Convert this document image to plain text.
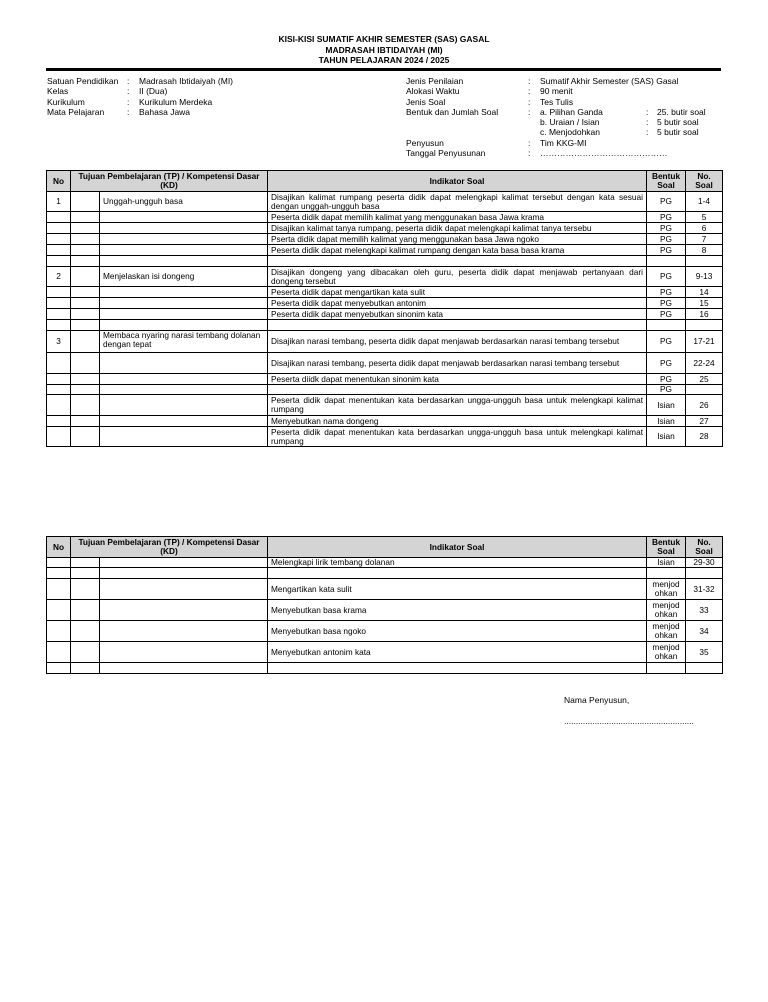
KISI-KISI SUMATIF AKHIR SEMESTER (SAS) GASAL
MADRASAH IBTIDAIYAH (MI)
TAHUN PELAJARAN 2024 / 2025
Satuan Pendidikan	:	Madrasah Ibtidaiyah (MI)
Kelas	:	II (Dua)
Kurikulum	:	Kurikulum Merdeka
Mata Pelajaran	:	Bahasa Jawa
Jenis Penilaian	:	Sumatif Akhir Semester (SAS) Gasal
Alokasi Waktu	:	90 menit
Jenis Soal	:	Tes Tulis
Bentuk dan Jumlah Soal	:	a. Pilihan Ganda	:	25. butir soal
b. Uraian / Isian	:	5 butir soal
c. Menjodohkan	:	5 butir soal
Penyusun	:	Tim KKG-MI
Tanggal Penyusunan	:	………………………………………
No	Tujuan Pembelajaran (TP) / Kompetensi Dasar (KD)		Indikator Soal	Bentuk Soal	No. Soal
1		Unggah-ungguh basa	Disajikan kalimat rumpang peserta didik dapat melengkapi kalimat tersebut dengan kata sesuai dengan unggah-ungguh basa	PG	1-4
			Peserta didik dapat memilih kalimat yang menggunakan basa Jawa krama	PG	5
			Disajikan kalimat tanya rumpang, peserta didik dapat melengkapi kalimat tanya tersebu	PG	6
			Pserta didik dapat memilih kalimat yang menggunakan basa Jawa ngoko	PG	7
			Peserta didik dapat melengkapi kalimat rumpang dengan kata basa basa krama	PG	8

2		Menjelaskan isi dongeng	Disajikan dongeng yang dibacakan oleh guru, peserta didik dapat menjawab pertanyaan dari dongeng tersebut	PG	9-13
			Peserta didik dapat mengartikan kata sulit	PG	14
			Peserta didik dapat menyebutkan antonim	PG	15
			Peserta didik dapat menyebutkan sinonim kata	PG	16

3		Membaca nyaring narasi tembang dolanan dengan tepat	Disajikan narasi tembang, peserta didik dapat menjawab berdasarkan narasi tembang tersebut	PG	17-21
			Disajikan narasi tembang, peserta didik dapat menjawab berdasarkan narasi tembang tersebut	PG	22-24
			Peserta diidk dapat menentukan sinonim kata	PG	25
				PG	
			Peserta didik dapat menentukan kata berdasarkan ungga-ungguh basa untuk melengkapi kalimat rumpang	Isian	26
			Menyebutkan nama dongeng	Isian	27
			Peserta didik dapat menentukan kata berdasarkan ungga-ungguh basa untuk melengkapi kalimat rumpang	Isian	28
No	Tujuan Pembelajaran (TP) / Kompetensi Dasar (KD)		Indikator Soal	Bentuk Soal	No. Soal
			Melengkapi lirik tembang dolanan	Isian	29-30

			Mengartikan kata sulit	menjod ohkan	31-32
			Menyebutkan basa krama	menjod ohkan	33
			Menyebutkan basa ngoko	menjod ohkan	34
			Menyebutkan antonim kata	menjod ohkan	35

Nama Penyusun,
.......................................................
